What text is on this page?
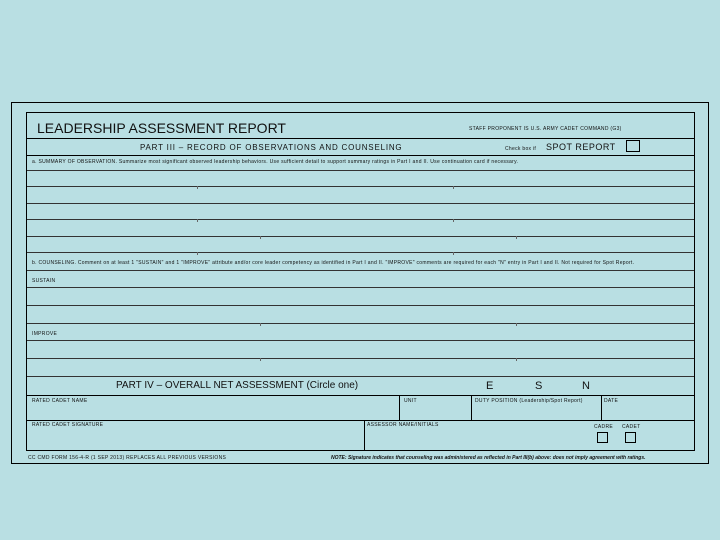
LEADERSHIP ASSESSMENT REPORT	STAFF PROPONENT IS U.S. ARMY CADET COMMAND (G3)
PART III – RECORD OF OBSERVATIONS AND COUNSELING	Check box if SPOT REPORT
a. SUMMARY OF OBSERVATION. Summarize most significant observed leadership behaviors. Use sufficient detail to support summary ratings in Part I and II. Use continuation card if necessary.
b. COUNSELING. Comment on at least 1 "SUSTAIN" and 1 "IMPROVE" attribute and/or core leader competency as identified in Part I and II. "IMPROVE" comments are required for each "N" entry in Part I and II. Not required for Spot Report.
SUSTAIN
IMPROVE
PART IV – OVERALL NET ASSESSMENT (Circle one)	E	S	N
RATED CADET NAME	UNIT	DUTY POSITION (Leadership/Spot Report)	DATE
RATED CADET SIGNATURE	ASSESSOR NAME/INITIALS	CADRE CADET
CC CMD FORM 156-4-R (1 SEP 2013) REPLACES ALL PREVIOUS VERSIONS	NOTE: Signature indicates that counseling was administered as reflected in Part III(b) above: does not imply agreement with ratings.
